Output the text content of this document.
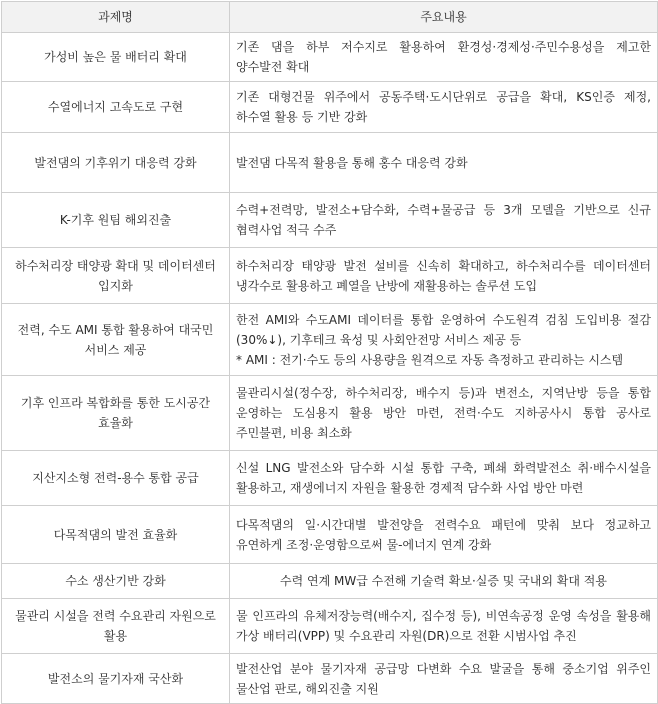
과제명	주요내용
가성비 높은 물 배터리 확대	기존 댐을 하부 저수지로 활용하여 환경성·경제성·주민수용성을 제고한 양수발전 확대
수열에너지 고속도로 구현	기존 대형건물 위주에서 공동주택·도시단위로 공급을 확대, KS인증 제정, 하수열 활용 등 기반 강화
발전댐의 기후위기 대응력 강화	발전댐 다목적 활용을 통해 홍수 대응력 강화
K-기후 원팀 해외진출	수력+전력망, 발전소+담수화, 수력+물공급 등 3개 모델을 기반으로 신규 협력사업 적극 수주
하수처리장 태양광 확대 및 데이터센터 입지화	하수처리장 태양광 발전 설비를 신속히 확대하고, 하수처리수를 데이터센터 냉각수로 활용하고 폐열을 난방에 재활용하는 솔루션 도입
전력, 수도 AMI 통합 활용하여 대국민 서비스 제공	한전 AMI와 수도AMI 데이터를 통합 운영하여 수도원격 검침 도입비용 절감(30%↓), 기후테크 육성 및 사회안전망 서비스 제공 등
* AMI : 전기·수도 등의 사용량을 원격으로 자동 측정하고 관리하는 시스템

기후 인프라 복합화를 통한 도시공간 효율화	물관리시설(정수장, 하수처리장, 배수지 등)과 변전소, 지역난방 등을 통합 운영하는 도심용지 활용 방안 마련, 전력·수도 지하공사시 통합 공사로 주민불편, 비용 최소화
지산지소형 전력-용수 통합 공급	신설 LNG 발전소와 담수화 시설 통합 구축, 폐쇄 화력발전소 취·배수시설을 활용하고, 재생에너지 자원을 활용한 경제적 담수화 사업 방안 마련
다목적댐의 발전 효율화	다목적댐의 일·시간대별 발전양을 전력수요 패턴에 맞춰 보다 정교하고 유연하게 조정·운영함으로써 물-에너지 연계 강화
수소 생산기반 강화	수력 연계 MW급 수전해 기술력 확보·실증 및 국내외 확대 적용
물관리 시설을 전력 수요관리 자원으로 활용	물 인프라의 유체저장능력(배수지, 집수정 등), 비연속공정 운영 속성을 활용해 가상 배터리(VPP) 및 수요관리 자원(DR)으로 전환 시범사업 추진
발전소의 물기자재 국산화	발전산업 분야 물기자재 공급망 다변화 수요 발굴을 통해 중소기업 위주인 물산업 판로, 해외진출 지원
